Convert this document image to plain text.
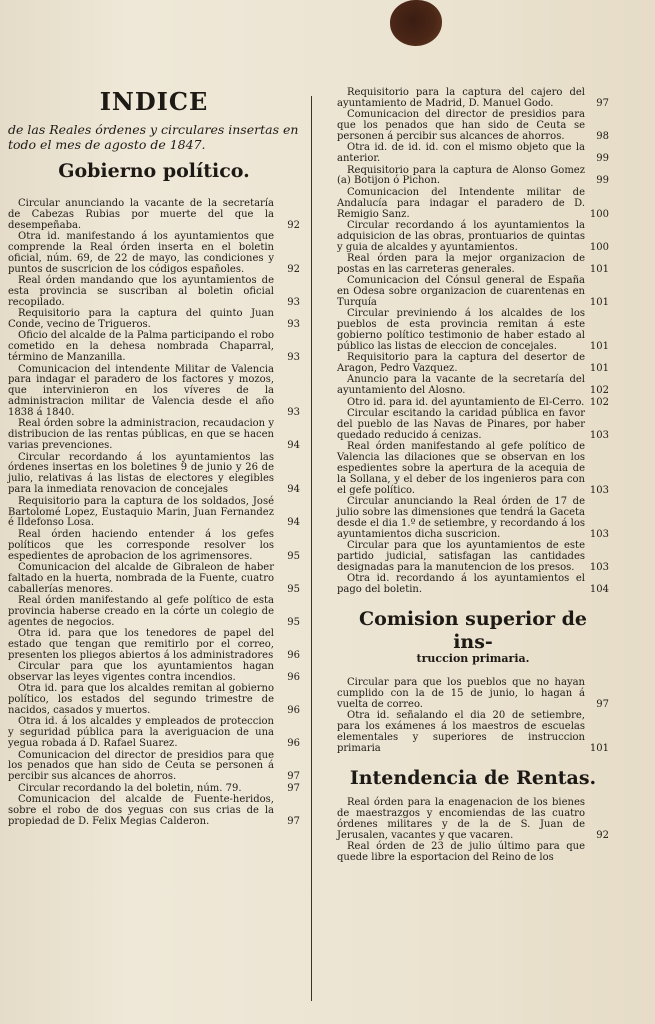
INDICE
de las Reales órdenes y circulares insertas en todo el mes de agosto de 1847.
Gobierno político.
Circular anunciando la vacante de la secretaría de Cabezas Rubias por muerte del que la desempeñaba.	92
Otra id. manifestando á los ayuntamientos que comprende la Real órden inserta en el boletin oficial, núm. 69, de 22 de mayo, las condiciones y puntos de suscricion de los códigos españoles.	92
Real órden mandando que los ayuntamientos de esta provincia se suscriban al boletin oficial recopilado.	93
Requisitorio para la captura del quinto Juan Conde, vecino de Trigueros.	93
Oficio del alcalde de la Palma participando el robo cometido en la dehesa nombrada Chaparral, término de Manzanilla.	93
Comunicacion del intendente Militar de Valencia para indagar el paradero de los factores y mozos, que intervinieron en los víveres de la administracion militar de Valencia desde el año 1838 á 1840.	93
Real órden sobre la administracion, recaudacion y distribucion de las rentas públicas, en que se hacen varias prevenciones.	94
Circular recordando á los ayuntamientos las órdenes insertas en los boletines 9 de junio y 26 de julio, relativas á las listas de electores y elegibles para la inmediata renovacion de concejales	94
Requisitorio para la captura de los soldados, José Bartolomé Lopez, Eustaquio Marin, Juan Fernandez é Ildefonso Losa.	94
Real órden haciendo entender á los gefes políticos que les corresponde resolver los espedientes de aprobacion de los agrimensores.	95
Comunicacion del alcalde de Gibraleon de haber faltado en la huerta, nombrada de la Fuente, cuatro caballerías menores.	95
Real órden manifestando al gefe político de esta provincia haberse creado en la córte un colegio de agentes de negocios.	95
Otra id. para que los tenedores de papel del estado que tengan que remitirlo por el correo, presenten los pliegos abiertos á los administradores	96
Circular para que los ayuntamientos hagan observar las leyes vigentes contra incendios.	96
Otra id. para que los alcaldes remitan al gobierno político, los estados del segundo trimestre de nacidos, casados y muertos.	96
Otra id. á los alcaldes y empleados de proteccion y seguridad pública para la averiguacion de una yegua robada á D. Rafael Suarez.	96
Comunicacion del director de presidios para que los penados que han sido de Ceuta se personen á percibir sus alcances de ahorros.	97
Circular recordando la del boletin, núm. 79.	97
Comunicacion del alcalde de Fuente-heridos, sobre el robo de dos yeguas con sus crias de la propiedad de D. Felix Megias Calderon.	97
Requisitorio para la captura del cajero del ayuntamiento de Madrid, D. Manuel Godo.	97
Comunicacion del director de presidios para que los penados que han sido de Ceuta se personen á percibir sus alcances de ahorros.	98
Otra id. de id. id. con el mismo objeto que la anterior.	99
Requisitorio para la captura de Alonso Gomez (a) Botijon ó Pichon.	99
Comunicacion del Intendente militar de Andalucía para indagar el paradero de D. Remigio Sanz.	100
Circular recordando á los ayuntamientos la adquisicion de las obras, prontuarios de quintas y guia de alcaldes y ayuntamientos.	100
Real órden para la mejor organizacion de postas en las carreteras generales.	101
Comunicacion del Cónsul general de España en Odesa sobre organizacion de cuarentenas en Turquía	101
Circular previniendo á los alcaldes de los pueblos de esta provincia remitan á este gobierno político testimonio de haber estado al público las listas de eleccion de concejales.	101
Requisitorio para la captura del desertor de Aragon, Pedro Vazquez.	101
Anuncio para la vacante de la secretaría del ayuntamiento del Alosno.	102
Otro id. para id. del ayuntamiento de El-Cerro. 102
Circular escitando la caridad pública en favor del pueblo de las Navas de Pinares, por haber quedado reducido á cenizas.	103
Real órden manifestando al gefe político de Valencia las dilaciones que se observan en los espedientes sobre la apertura de la acequia de la Sollana, y el deber de los ingenieros para con el gefe político.	103
Circular anunciando la Real órden de 17 de julio sobre las dimensiones que tendrá la Gaceta desde el dia 1.º de setiembre, y recordando á los ayuntamientos dicha suscricion.	103
Circular para que los ayuntamientos de este partido judicial, satisfagan las cantidades designadas para la manutencion de los presos.	103
Otra id. recordando á los ayuntamientos el pago del boletin.	104
Comision superior de ins-
truccion primaria.
Circular para que los pueblos que no hayan cumplido con la de 15 de junio, lo hagan á vuelta de correo.	97
Otra id. señalando el dia 20 de setiembre, para los exámenes á los maestros de escuelas elementales y superiores de instruccion primaria	101
Intendencia de Rentas.
Real órden para la enagenacion de los bienes de maestrazgos y encomiendas de las cuatro órdenes militares y de la de S. Juan de Jerusalen, vacantes y que vacaren.	92
Real órden de 23 de julio último para que quede libre la esportacion del Reino de los
